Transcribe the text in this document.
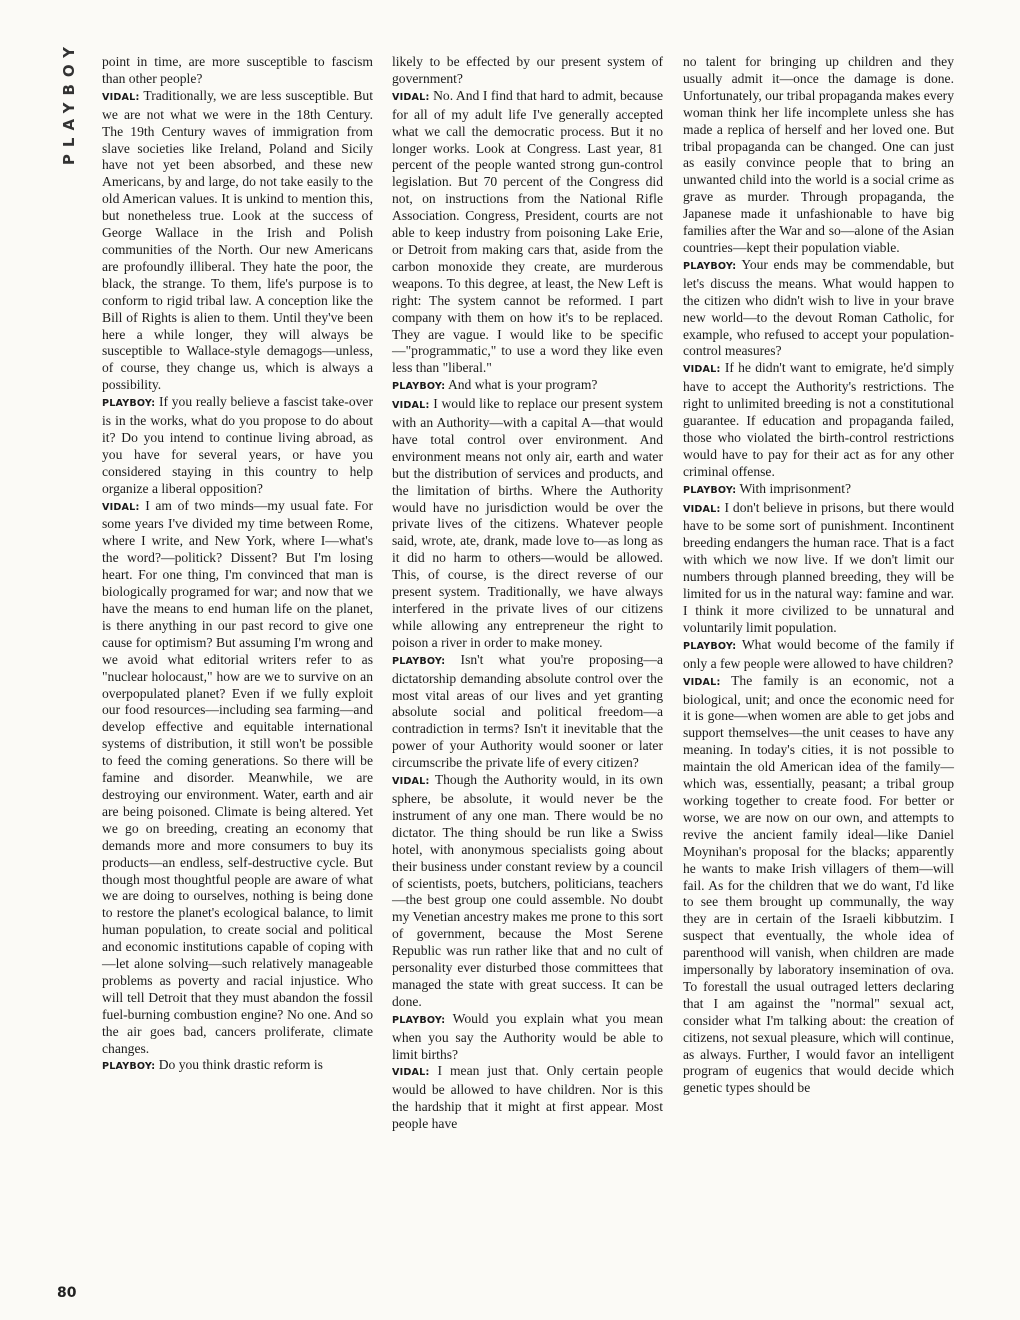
PLAYBOY point in time, are more susceptible to fascism than other people?

VIDAL: Traditionally, we are less susceptible. But we are not what we were in the 18th Century. The 19th Century waves of immigration from slave societies like Ireland, Poland and Sicily have not yet been absorbed, and these new Americans, by and large, do not take easily to the old American values. It is unkind to mention this, but nonetheless true. Look at the success of George Wallace in the Irish and Polish communities of the North. Our new Americans are profoundly illiberal. They hate the poor, the black, the strange. To them, life's purpose is to conform to rigid tribal law. A conception like the Bill of Rights is alien to them. Until they've been here a while longer, they will always be susceptible to Wallace-style demagogs—unless, of course, they change us, which is always a possibility.

PLAYBOY: If you really believe a fascist take-over is in the works, what do you propose to do about it? Do you intend to continue living abroad, as you have for several years, or have you considered staying in this country to help organize a liberal opposition?

VIDAL: I am of two minds—my usual fate. For some years I've divided my time between Rome, where I write, and New York, where I—what's the word?—politick? Dissent? But I'm losing heart. For one thing, I'm convinced that man is biologically programed for war; and now that we have the means to end human life on the planet, is there anything in our past record to give one cause for optimism? But assuming I'm wrong and we avoid what editorial writers refer to as "nuclear holocaust," how are we to survive on an overpopulated planet? Even if we fully exploit our food resources—including sea farming—and develop effective and equitable international systems of distribution, it still won't be possible to feed the coming generations. So there will be famine and disorder. Meanwhile, we are destroying our environment. Water, earth and air are being poisoned. Climate is being altered. Yet we go on breeding, creating an economy that demands more and more consumers to buy its products—an endless, self-destructive cycle. But though most thoughtful people are aware of what we are doing to ourselves, nothing is being done to restore the planet's ecological balance, to limit human population, to create social and political and economic institutions capable of coping with—let alone solving—such relatively manageable problems as poverty and racial injustice. Who will tell Detroit that they must abandon the fossil fuel-burning combustion engine? No one. And so the air goes bad, cancers proliferate, climate changes.

PLAYBOY: Do you think drastic reform is

likely to be effected by our present system of government?

VIDAL: No. And I find that hard to admit, because for all of my adult life I've generally accepted what we call the democratic process. But it no longer works. Look at Congress. Last year, 81 percent of the people wanted strong gun-control legislation. But 70 percent of the Congress did not, on instructions from the National Rifle Association. Congress, President, courts are not able to keep industry from poisoning Lake Erie, or Detroit from making cars that, aside from the carbon monoxide they create, are murderous weapons. To this degree, at least, the New Left is right: The system cannot be reformed. I part company with them on how it's to be replaced. They are vague. I would like to be specific—"programmatic," to use a word they like even less than "liberal."

PLAYBOY: And what is your program?

VIDAL: I would like to replace our present system with an Authority—with a capital A—that would have total control over environment. And environment means not only air, earth and water but the distribution of services and products, and the limitation of births. Where the Authority would have no jurisdiction would be over the private lives of the citizens. Whatever people said, wrote, ate, drank, made love to—as long as it did no harm to others—would be allowed. This, of course, is the direct reverse of our present system. Traditionally, we have always interfered in the private lives of our citizens while allowing any entrepreneur the right to poison a river in order to make money.

PLAYBOY: Isn't what you're proposing—a dictatorship demanding absolute control over the most vital areas of our lives and yet granting absolute social and political freedom—a contradiction in terms? Isn't it inevitable that the power of your Authority would sooner or later circumscribe the private life of every citizen?

VIDAL: Though the Authority would, in its own sphere, be absolute, it would never be the instrument of any one man. There would be no dictator. The thing should be run like a Swiss hotel, with anonymous specialists going about their business under constant review by a council of scientists, poets, butchers, politicians, teachers—the best group one could assemble. No doubt my Venetian ancestry makes me prone to this sort of government, because the Most Serene Republic was run rather like that and no cult of personality ever disturbed those committees that managed the state with great success. It can be done.

PLAYBOY: Would you explain what you mean when you say the Authority would be able to limit births?

VIDAL: I mean just that. Only certain people would be allowed to have children. Nor is this the hardship that it might at first appear. Most people have

no talent for bringing up children and they usually admit it—once the damage is done. Unfortunately, our tribal propaganda makes every woman think her life incomplete unless she has made a replica of herself and her loved one. But tribal propaganda can be changed. One can just as easily convince people that to bring an unwanted child into the world is a social crime as grave as murder. Through propaganda, the Japanese made it unfashionable to have big families after the War and so—alone of the Asian countries—kept their population viable.

PLAYBOY: Your ends may be commendable, but let's discuss the means. What would happen to the citizen who didn't wish to live in your brave new world—to the devout Roman Catholic, for example, who refused to accept your population-control measures?

VIDAL: If he didn't want to emigrate, he'd simply have to accept the Authority's restrictions. The right to unlimited breeding is not a constitutional guarantee. If education and propaganda failed, those who violated the birth-control restrictions would have to pay for their act as for any other criminal offense.

PLAYBOY: With imprisonment?

VIDAL: I don't believe in prisons, but there would have to be some sort of punishment. Incontinent breeding endangers the human race. That is a fact with which we now live. If we don't limit our numbers through planned breeding, they will be limited for us in the natural way: famine and war. I think it more civilized to be unnatural and voluntarily limit population.

PLAYBOY: What would become of the family if only a few people were allowed to have children?

VIDAL: The family is an economic, not a biological, unit; and once the economic need for it is gone—when women are able to get jobs and support themselves—the unit ceases to have any meaning. In today's cities, it is not possible to maintain the old American idea of the family—which was, essentially, peasant; a tribal group working together to create food. For better or worse, we are now on our own, and attempts to revive the ancient family ideal—like Daniel Moynihan's proposal for the blacks; apparently he wants to make Irish villagers of them—will fail. As for the children that we do want, I'd like to see them brought up communally, the way they are in certain of the Israeli kibbutzim. I suspect that eventually, the whole idea of parenthood will vanish, when children are made impersonally by laboratory insemination of ova. To forestall the usual outraged letters declaring that I am against the "normal" sexual act, consider what I'm talking about: the creation of citizens, not sexual pleasure, which will continue, as always. Further, I would favor an intelligent program of eugenics that would decide which genetic types should be

80
